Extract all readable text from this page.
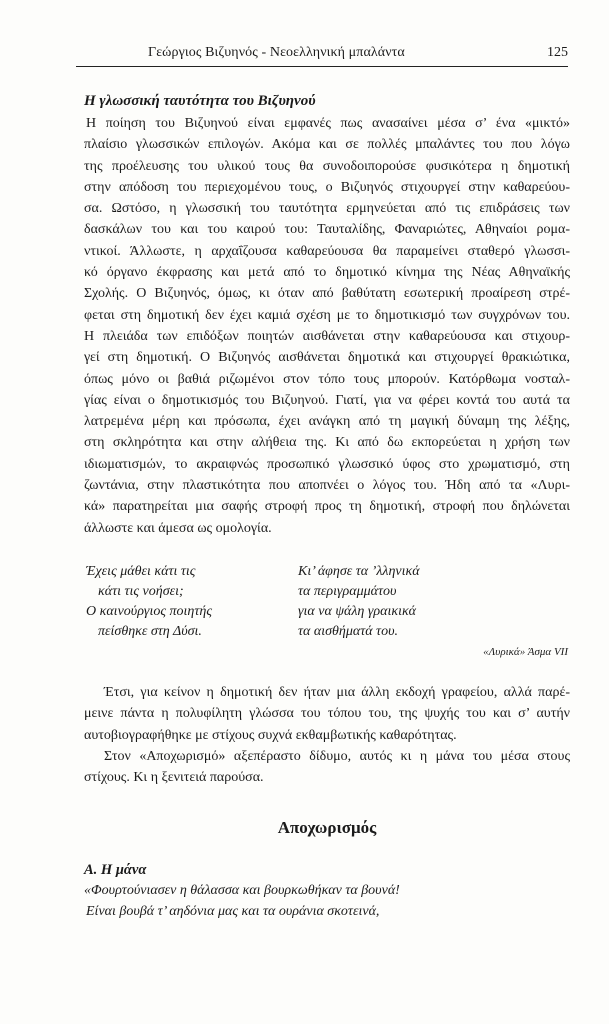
Γεώργιος Βιζυηνός - Νεοελληνική μπαλάντα	125
Η γλωσσική ταυτότητα του Βιζυηνού

Η ποίηση του Βιζυηνού είναι εμφανές πως ανασαίνει μέσα σ’ ένα «μικτό»
πλαίσιο γλωσσικών επιλογών. Ακόμα και σε πολλές μπαλάντες του που λόγω
της προέλευσης του υλικού τους θα συνοδοιπορούσε φυσικότερα η δημοτική
στην απόδοση του περιεχομένου τους, ο Βιζυηνός στιχουργεί στην καθαρεύου-
σα. Ωστόσο, η γλωσσική του ταυτότητα ερμηνεύεται από τις επιδράσεις των
δασκάλων του και του καιρού του: Ταυταλίδης, Φαναριώτες, Αθηναίοι ρομα-
ντικοί. Άλλωστε, η αρχαΐζουσα καθαρεύουσα θα παραμείνει σταθερό γλωσσι-
κό όργανο έκφρασης και μετά από το δημοτικό κίνημα της Νέας Αθηναϊκής
Σχολής. Ο Βιζυηνός, όμως, κι όταν από βαθύτατη εσωτερική προαίρεση στρέ-
φεται στη δημοτική δεν έχει καμιά σχέση με το δημοτικισμό των συγχρόνων του.
Η πλειάδα των επιδόξων ποιητών αισθάνεται στην καθαρεύουσα και στιχουρ-
γεί στη δημοτική. Ο Βιζυηνός αισθάνεται δημοτικά και στιχουργεί θρακιώτικα,
όπως μόνο οι βαθιά ριζωμένοι στον τόπο τους μπορούν. Κατόρθωμα νοσταλ-
γίας είναι ο δημοτικισμός του Βιζυηνού. Γιατί, για να φέρει κοντά του αυτά τα
λατρεμένα μέρη και πρόσωπα, έχει ανάγκη από τη μαγική δύναμη της λέξης,
στη σκληρότητα και στην αλήθεια της. Κι από δω εκπορεύεται η χρήση των
ιδιωματισμών, το ακραιφνώς προσωπικό γλωσσικό ύφος στο χρωματισμό, στη
ζωντάνια, στην πλαστικότητα που αποπνέει ο λόγος του. Ήδη από τα «Λυρι-
κά» παρατηρείται μια σαφής στροφή προς τη δημοτική, στροφή που δηλώνεται
άλλωστε και άμεσα ως ομολογία.

Έχεις μάθει κάτι τις
κάτι τις νοήσει;
Ο καινούργιος ποιητής
πείσθηκε στη Δύσι.
Κι’ άφησε τα ’λληνικά
τα περιγραμμάτου
για να ψάλη γραικικά
τα αισθήματά του.
«Λυρικά» Άσμα VII

Έτσι, για κείνον η δημοτική δεν ήταν μια άλλη εκδοχή γραφείου, αλλά παρέ-
μεινε πάντα η πολυφίλητη γλώσσα του τόπου του, της ψυχής του και σ’ αυτήν
αυτοβιογραφήθηκε με στίχους συχνά εκθαμβωτικής καθαρότητας.

Στον «Αποχωρισμό» αξεπέραστο δίδυμο, αυτός κι η μάνα του μέσα στους
στίχους. Κι η ξενιτειά παρούσα.

Αποχωρισμός
Α. Η μάνα

«Φουρτούνιασεν η θάλασσα και βουρκωθήκαν τα βουνά!
Είναι βουβά τ’ αηδόνια μας και τα ουράνια σκοτεινά,
